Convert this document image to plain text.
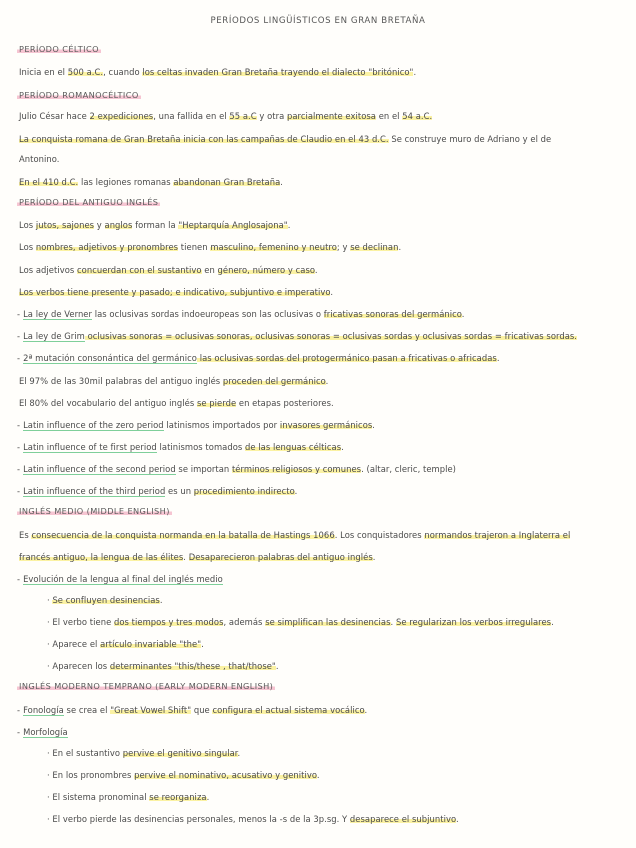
PERÍODOS LINGÜÍSTICOS EN GRAN BRETAÑA
PERÍODO CÉLTICO
Inicia en el 500 a.C., cuando los celtas invaden Gran Bretaña trayendo el dialecto "britónico".
PERÍODO ROMANOCÉLTICO
Julio César hace 2 expediciones, una fallida en el 55 a.C y otra parcialmente exitosa en el 54 a.C.
La conquista romana de Gran Bretaña inicia con las campañas de Claudio en el 43 d.C. Se construye muro de Adriano y el de
Antonino.
En el 410 d.C. las legiones romanas abandonan Gran Bretaña.
PERÍODO DEL ANTIGUO INGLÉS
Los jutos, sajones y anglos forman la "Heptarquía Anglosajona".
Los nombres, adjetivos y pronombres tienen masculino, femenino y neutro; y se declinan.
Los adjetivos concuerdan con el sustantivo en género, número y caso.
Los verbos tiene presente y pasado; e indicativo, subjuntivo e imperativo.
- La ley de Verner las oclusivas sordas indoeuropeas son las oclusivas o fricativas sonoras del germánico.
- La ley de Grim oclusivas sonoras = oclusivas sonoras, oclusivas sonoras = oclusivas sordas y oclusivas sordas = fricativas sordas.
- 2ª mutación consonántica del germánico las oclusivas sordas del protogermánico pasan a fricativas o africadas.
El 97% de las 30mil palabras del antiguo inglés proceden del germánico.
El 80% del vocabulario del antiguo inglés se pierde en etapas posteriores.
- Latin influence of the zero period latinismos importados por invasores germánicos.
- Latin influence of te first period latinismos tomados de las lenguas célticas.
- Latin influence of the second period se importan términos religiosos y comunes. (altar, cleric, temple)
- Latin influence of the third period es un procedimiento indirecto.
INGLÉS MEDIO (MIDDLE ENGLISH)
Es consecuencia de la conquista normanda en la batalla de Hastings 1066. Los conquistadores normandos trajeron a Inglaterra el
francés antiguo, la lengua de las élites. Desaparecieron palabras del antiguo inglés.
- Evolución de la lengua al final del inglés medio
· Se confluyen desinencias.
· El verbo tiene dos tiempos y tres modos, además se simplifican las desinencias. Se regularizan los verbos irregulares.
· Aparece el artículo invariable "the".
· Aparecen los determinantes "this/these , that/those".
INGLÉS MODERNO TEMPRANO (EARLY MODERN ENGLISH)
- Fonología se crea el "Great Vowel Shift" que configura el actual sistema vocálico.
- Morfología
· En el sustantivo pervive el genitivo singular.
· En los pronombres pervive el nominativo, acusativo y genitivo.
· El sistema pronominal se reorganiza.
· El verbo pierde las desinencias personales, menos la -s de la 3p.sg. Y desaparece el subjuntivo.
